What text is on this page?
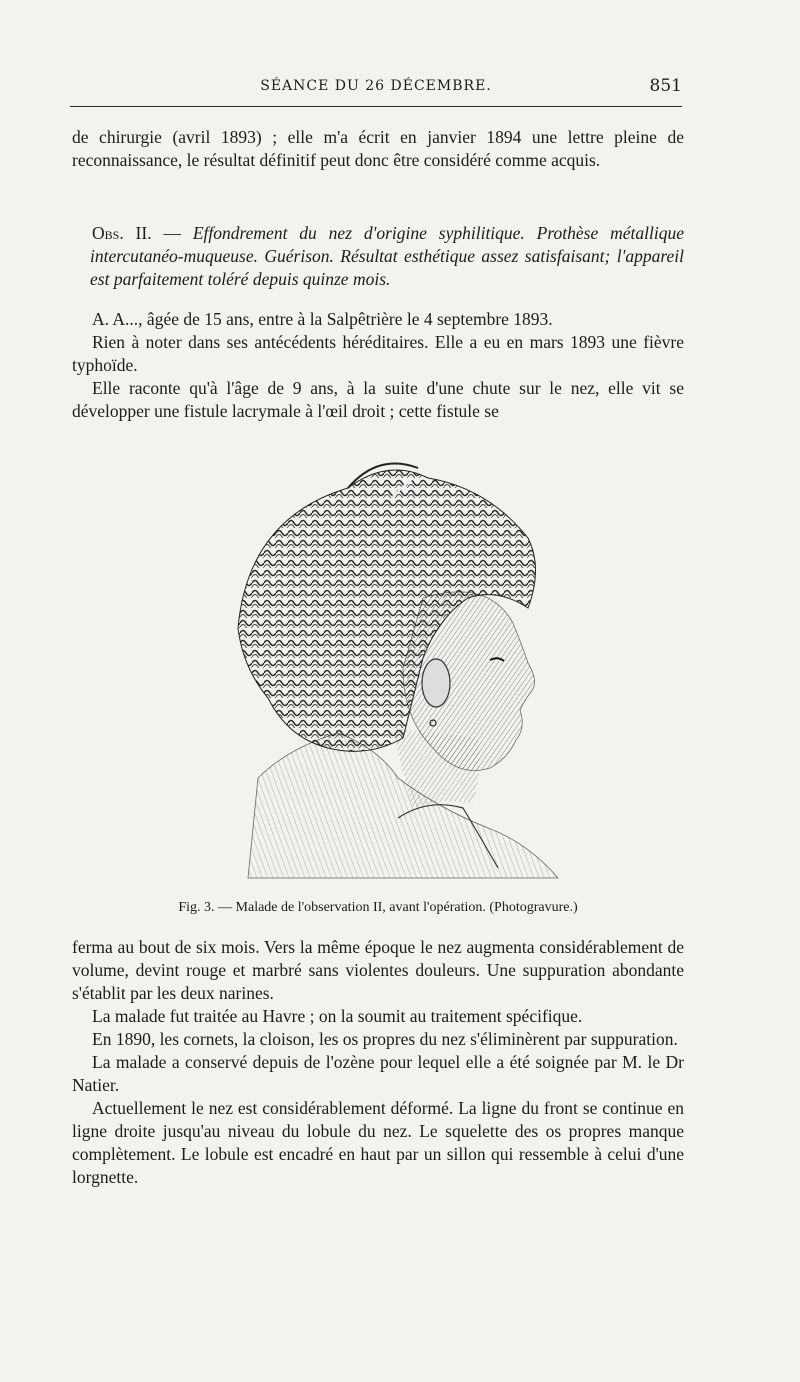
SÉANCE DU 26 DÉCEMBRE.	851

de chirurgie (avril 1893) ; elle m'a écrit en janvier 1894 une lettre pleine de reconnaissance, le résultat définitif peut donc être considéré comme acquis.

Obs. II. — Effondrement du nez d'origine syphilitique. Prothèse métallique intercutanéo-muqueuse. Guérison. Résultat esthétique assez satisfaisant; l'appareil est parfaitement toléré depuis quinze mois.

A. A..., âgée de 15 ans, entre à la Salpêtrière le 4 septembre 1893.

Rien à noter dans ses antécédents héréditaires. Elle a eu en mars 1893 une fièvre typhoïde.

Elle raconte qu'à l'âge de 9 ans, à la suite d'une chute sur le nez, elle vit se développer une fistule lacrymale à l'œil droit ; cette fistule se

Fig. 3. — Malade de l'observation II, avant l'opération. (Photogravure.)

ferma au bout de six mois. Vers la même époque le nez augmenta considérablement de volume, devint rouge et marbré sans violentes douleurs. Une suppuration abondante s'établit par les deux narines.

La malade fut traitée au Havre ; on la soumit au traitement spécifique.

En 1890, les cornets, la cloison, les os propres du nez s'éliminèrent par suppuration.

La malade a conservé depuis de l'ozène pour lequel elle a été soignée par M. le Dr Natier.

Actuellement le nez est considérablement déformé. La ligne du front se continue en ligne droite jusqu'au niveau du lobule du nez. Le squelette des os propres manque complètement. Le lobule est encadré en haut par un sillon qui ressemble à celui d'une lorgnette.
